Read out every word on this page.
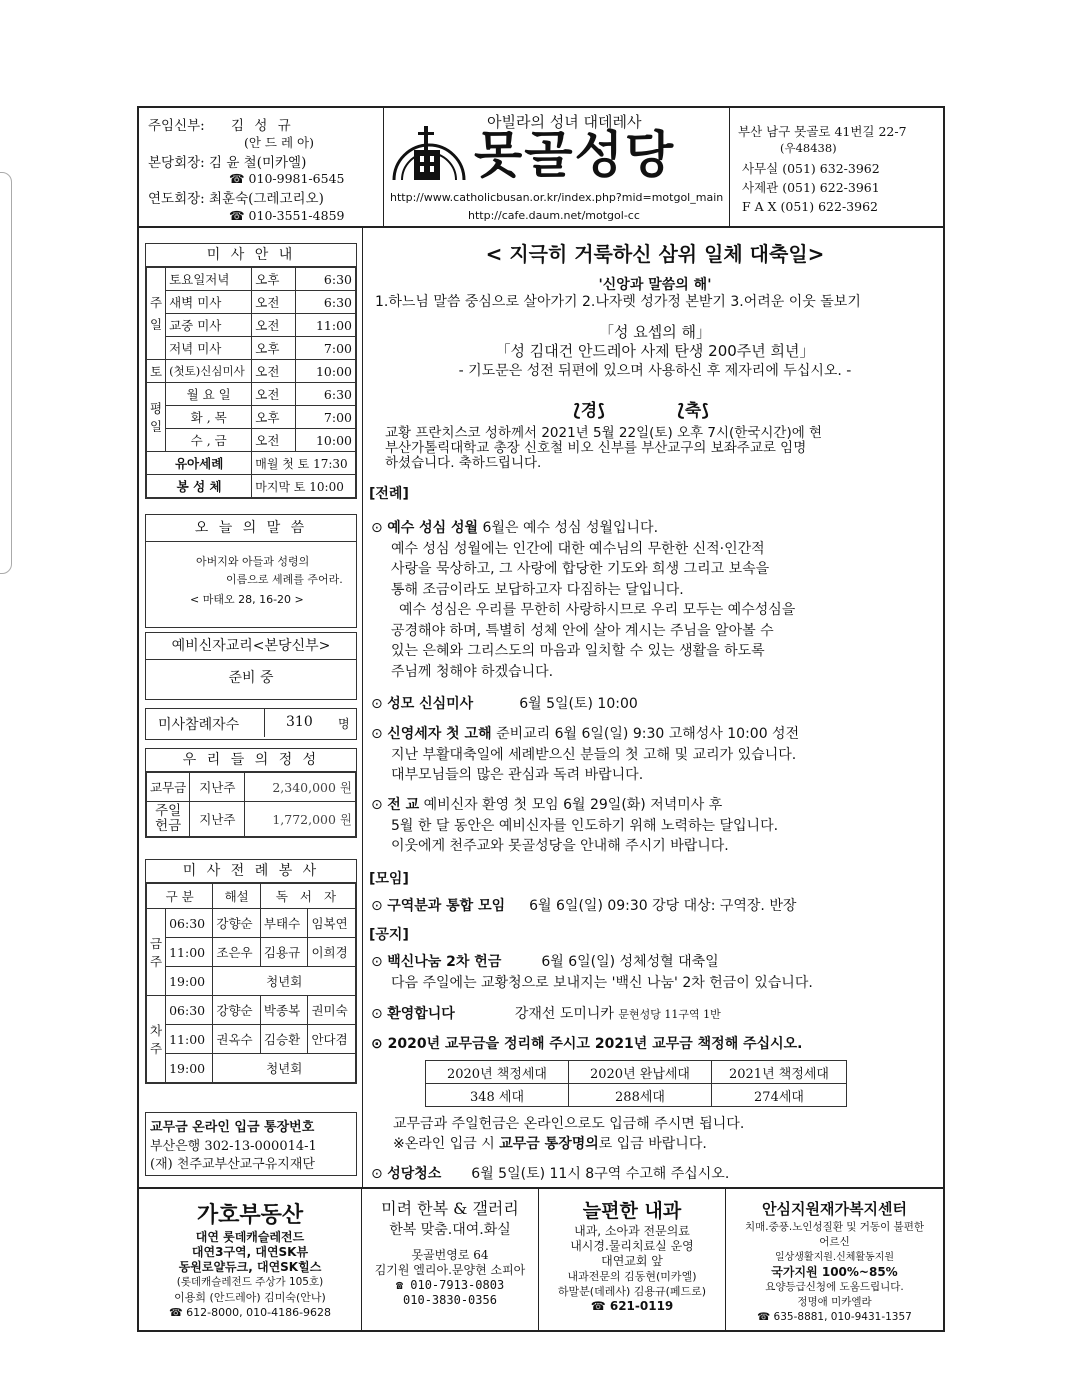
주임신부: 김 성 규
(안 드 레 아)
본당회장: 김 윤 철(미카엘)
☎ 010-9981-6545
연도회장: 최훈숙(그레고리오)
☎ 010-3551-4859
아빌라의 성녀 대데레사
못골성당
http://www.catholicbusan.or.kr/index.php?mid=motgol_main
http://cafe.daum.net/motgol-cc
부산 남구 못골로 41번길 22-7
(우48438)
사무실 (051) 632-3962
사제관 (051) 622-3961
F A X (051) 622-3962
미 사 안 내
주일	토요일저녁	오후	6:30
	새벽 미사	오전	6:30
	교중 미사	오전	11:00
	저녁 미사	오후	7:00
토	(첫토)신심미사	오전	10:00
평일	월 요 일	오전	6:30
	화 , 목	오후	7:00
	수 , 금	오전	10:00
유아세례		매월 첫 토 17:30	
봉 성 체		마지막 토 10:00	
오 늘 의 말 씀
아버지와 아들과 성령의
이름으로 세례를 주어라.
< 마태오 28, 16-20 >
예비신자교리<본당신부>
준비 중
미사참례자수	310 명
우 리 들 의 정 성
교무금	지난주	2,340,000 원
주일헌금	지난주	1,772,000 원
미 사 전 례 봉 사
구 분		해설	독 서 자	
금주	06:30	강향순	부태수	임복연
	11:00	조은우	김용규	이희경
	19:00	청년회		
차주	06:30	강향순	박종복	권미숙
	11:00	권옥수	김승환	안다겸
	19:00	청년회		
교무금 온라인 입금 통장번호
부산은행 302-13-000014-1
(재) 천주교부산교구유지재단
< 지극히 거룩하신 삼위 일체 대축일>
'신앙과 말씀의 해'
1.하느님 말씀 중심으로 살아가기 2.나자렛 성가정 본받기 3.어려운 이웃 돌보기
「성 요셉의 해」
「성 김대건 안드레아 사제 탄생 200주년 희년」
- 기도문은 성전 뒤편에 있으며 사용하신 후 제자리에 두십시오. -
⟅경⟆	⟅축⟆
교황 프란치스코 성하께서 2021년 5월 22일(토) 오후 7시(한국시간)에 현
부산가톨릭대학교 총장 신호철 비오 신부를 부산교구의 보좌주교로 임명
하셨습니다. 축하드립니다.
[전례]
⊙ 예수 성심 성월 6월은 예수 성심 성월입니다.
예수 성심 성월에는 인간에 대한 예수님의 무한한 신적·인간적
사랑을 묵상하고, 그 사랑에 합당한 기도와 희생 그리고 보속을
통해 조금이라도 보답하고자 다짐하는 달입니다.
예수 성심은 우리를 무한히 사랑하시므로 우리 모두는 예수성심을
공경해야 하며, 특별히 성체 안에 살아 계시는 주님을 알아볼 수
있는 은혜와 그리스도의 마음과 일치할 수 있는 생활을 하도록
주님께 청해야 하겠습니다.
⊙ 성모 신심미사	6월 5일(토) 10:00
⊙ 신영세자 첫 고해 준비교리 6월 6일(일) 9:30 고해성사 10:00 성전
지난 부활대축일에 세례받으신 분들의 첫 고해 및 교리가 있습니다.
대부모님들의 많은 관심과 독려 바랍니다.
⊙ 전 교 예비신자 환영 첫 모임 6월 29일(화) 저녁미사 후
5월 한 달 동안은 예비신자를 인도하기 위해 노력하는 달입니다.
이웃에게 천주교와 못골성당을 안내해 주시기 바랍니다.
[모임]
⊙ 구역분과 통합 모임 6월 6일(일) 09:30 강당 대상: 구역장. 반장
[공지]
⊙ 백신나눔 2차 헌금	6월 6일(일) 성체성혈 대축일
다음 주일에는 교황청으로 보내지는 '백신 나눔' 2차 헌금이 있습니다.
⊙ 환영합니다	강재선 도미니카 문현성당 11구역 1반
⊙ 2020년 교무금을 정리해 주시고 2021년 교무금 책정해 주십시오.
2020년 책정세대	2020년 완납세대	2021년 책정세대
348 세대	288세대	274세대
교무금과 주일헌금은 온라인으로도 입금해 주시면 됩니다.
※온라인 입금 시 교무금 통장명의로 입금 바랍니다.
⊙ 성당청소 6월 5일(토) 11시 8구역 수고해 주십시오.
가호부동산
대연 롯데캐슬레전드
대연3구역, 대연SK뷰
동원로얄듀크, 대연SK힐스
(롯데캐슬레전드 주상가 105호)
이용희 (안드레아) 김미숙(안나)
☎ 612-8000, 010-4186-9628
미려 한복 & 갤러리
한복 맞춤.대여.화실
못골번영로 64
김기원 엘리아.문양현 소피아
☎ 010-7913-0803
010-3830-0356
늘편한 내과
내과, 소아과 전문의료
내시경.물리치료실 운영
대연교회 앞
내과전문의 김동현(미카엘)
하말분(데레사) 김용규(페드로)
☎ 621-0119
안심지원재가복지센터
치매.중풍.노인성질환 및 거동이 불편한
어르신
일상생활지원.신체활동지원
국가지원 100%~85%
요양등급신청에 도움드립니다.
정명애 미카엘라
☎ 635-8881, 010-9431-1357
